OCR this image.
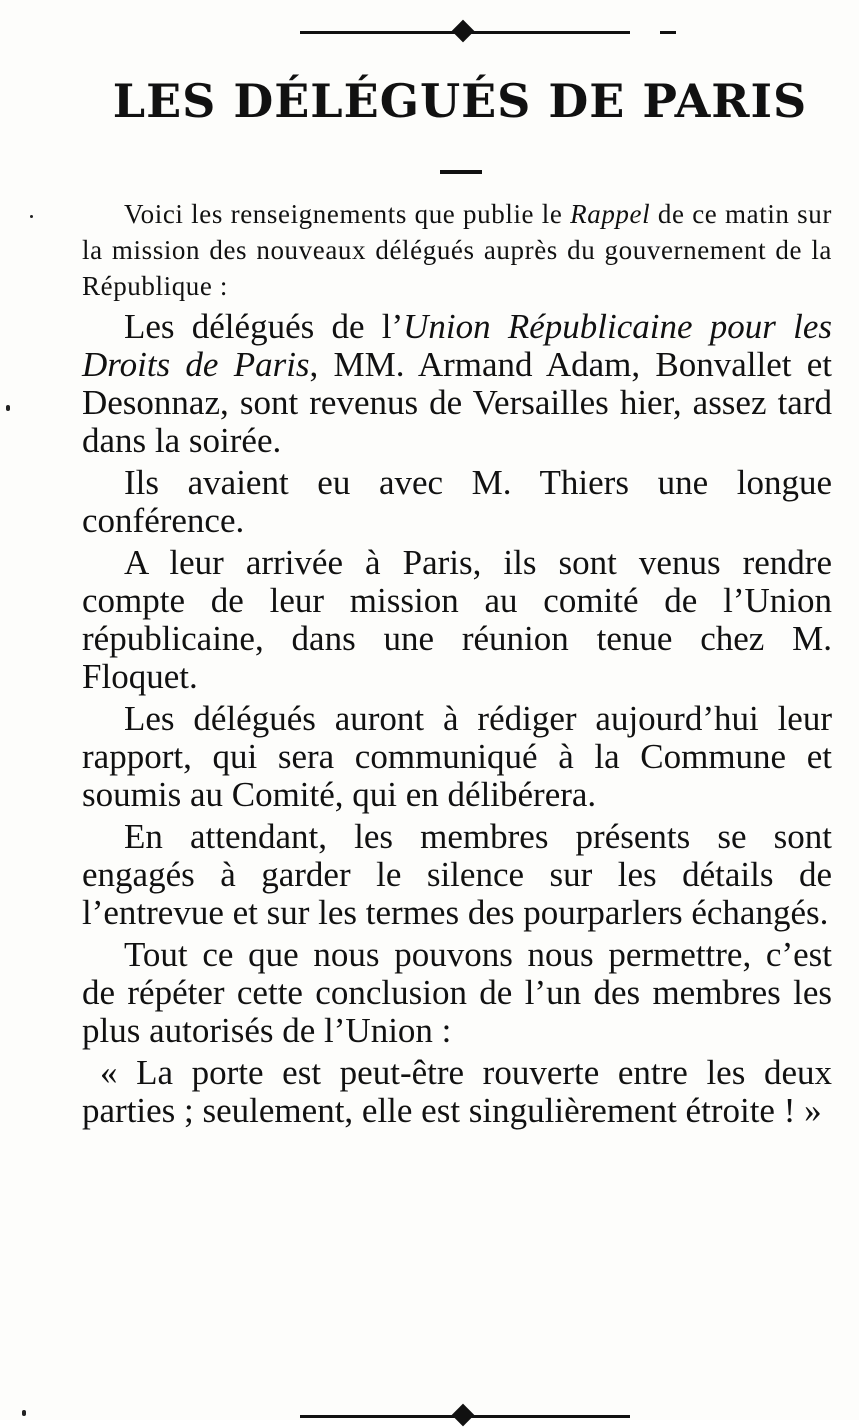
LES DÉLÉGUÉS DE PARIS

Voici les renseignements que publie le Rappel de ce matin sur la mission des nouveaux délégués auprès du gouvernement de la République :

Les délégués de l’Union Républicaine pour les Droits de Paris, MM. Armand Adam, Bonvallet et Desonnaz, sont revenus de Versailles hier, assez tard dans la soirée.

Ils avaient eu avec M. Thiers une longue conférence.

A leur arrivée à Paris, ils sont venus rendre compte de leur mission au comité de l’Union républicaine, dans une réunion tenue chez M. Floquet.

Les délégués auront à rédiger aujourd’hui leur rapport, qui sera communiqué à la Commune et soumis au Comité, qui en délibérera.

En attendant, les membres présents se sont engagés à garder le silence sur les détails de l’entrevue et sur les termes des pourparlers échangés.

Tout ce que nous pouvons nous permettre, c’est de répéter cette conclusion de l’un des membres les plus autorisés de l’Union :

« La porte est peut-être rouverte entre les deux parties ; seulement, elle est singulièrement étroite ! »
